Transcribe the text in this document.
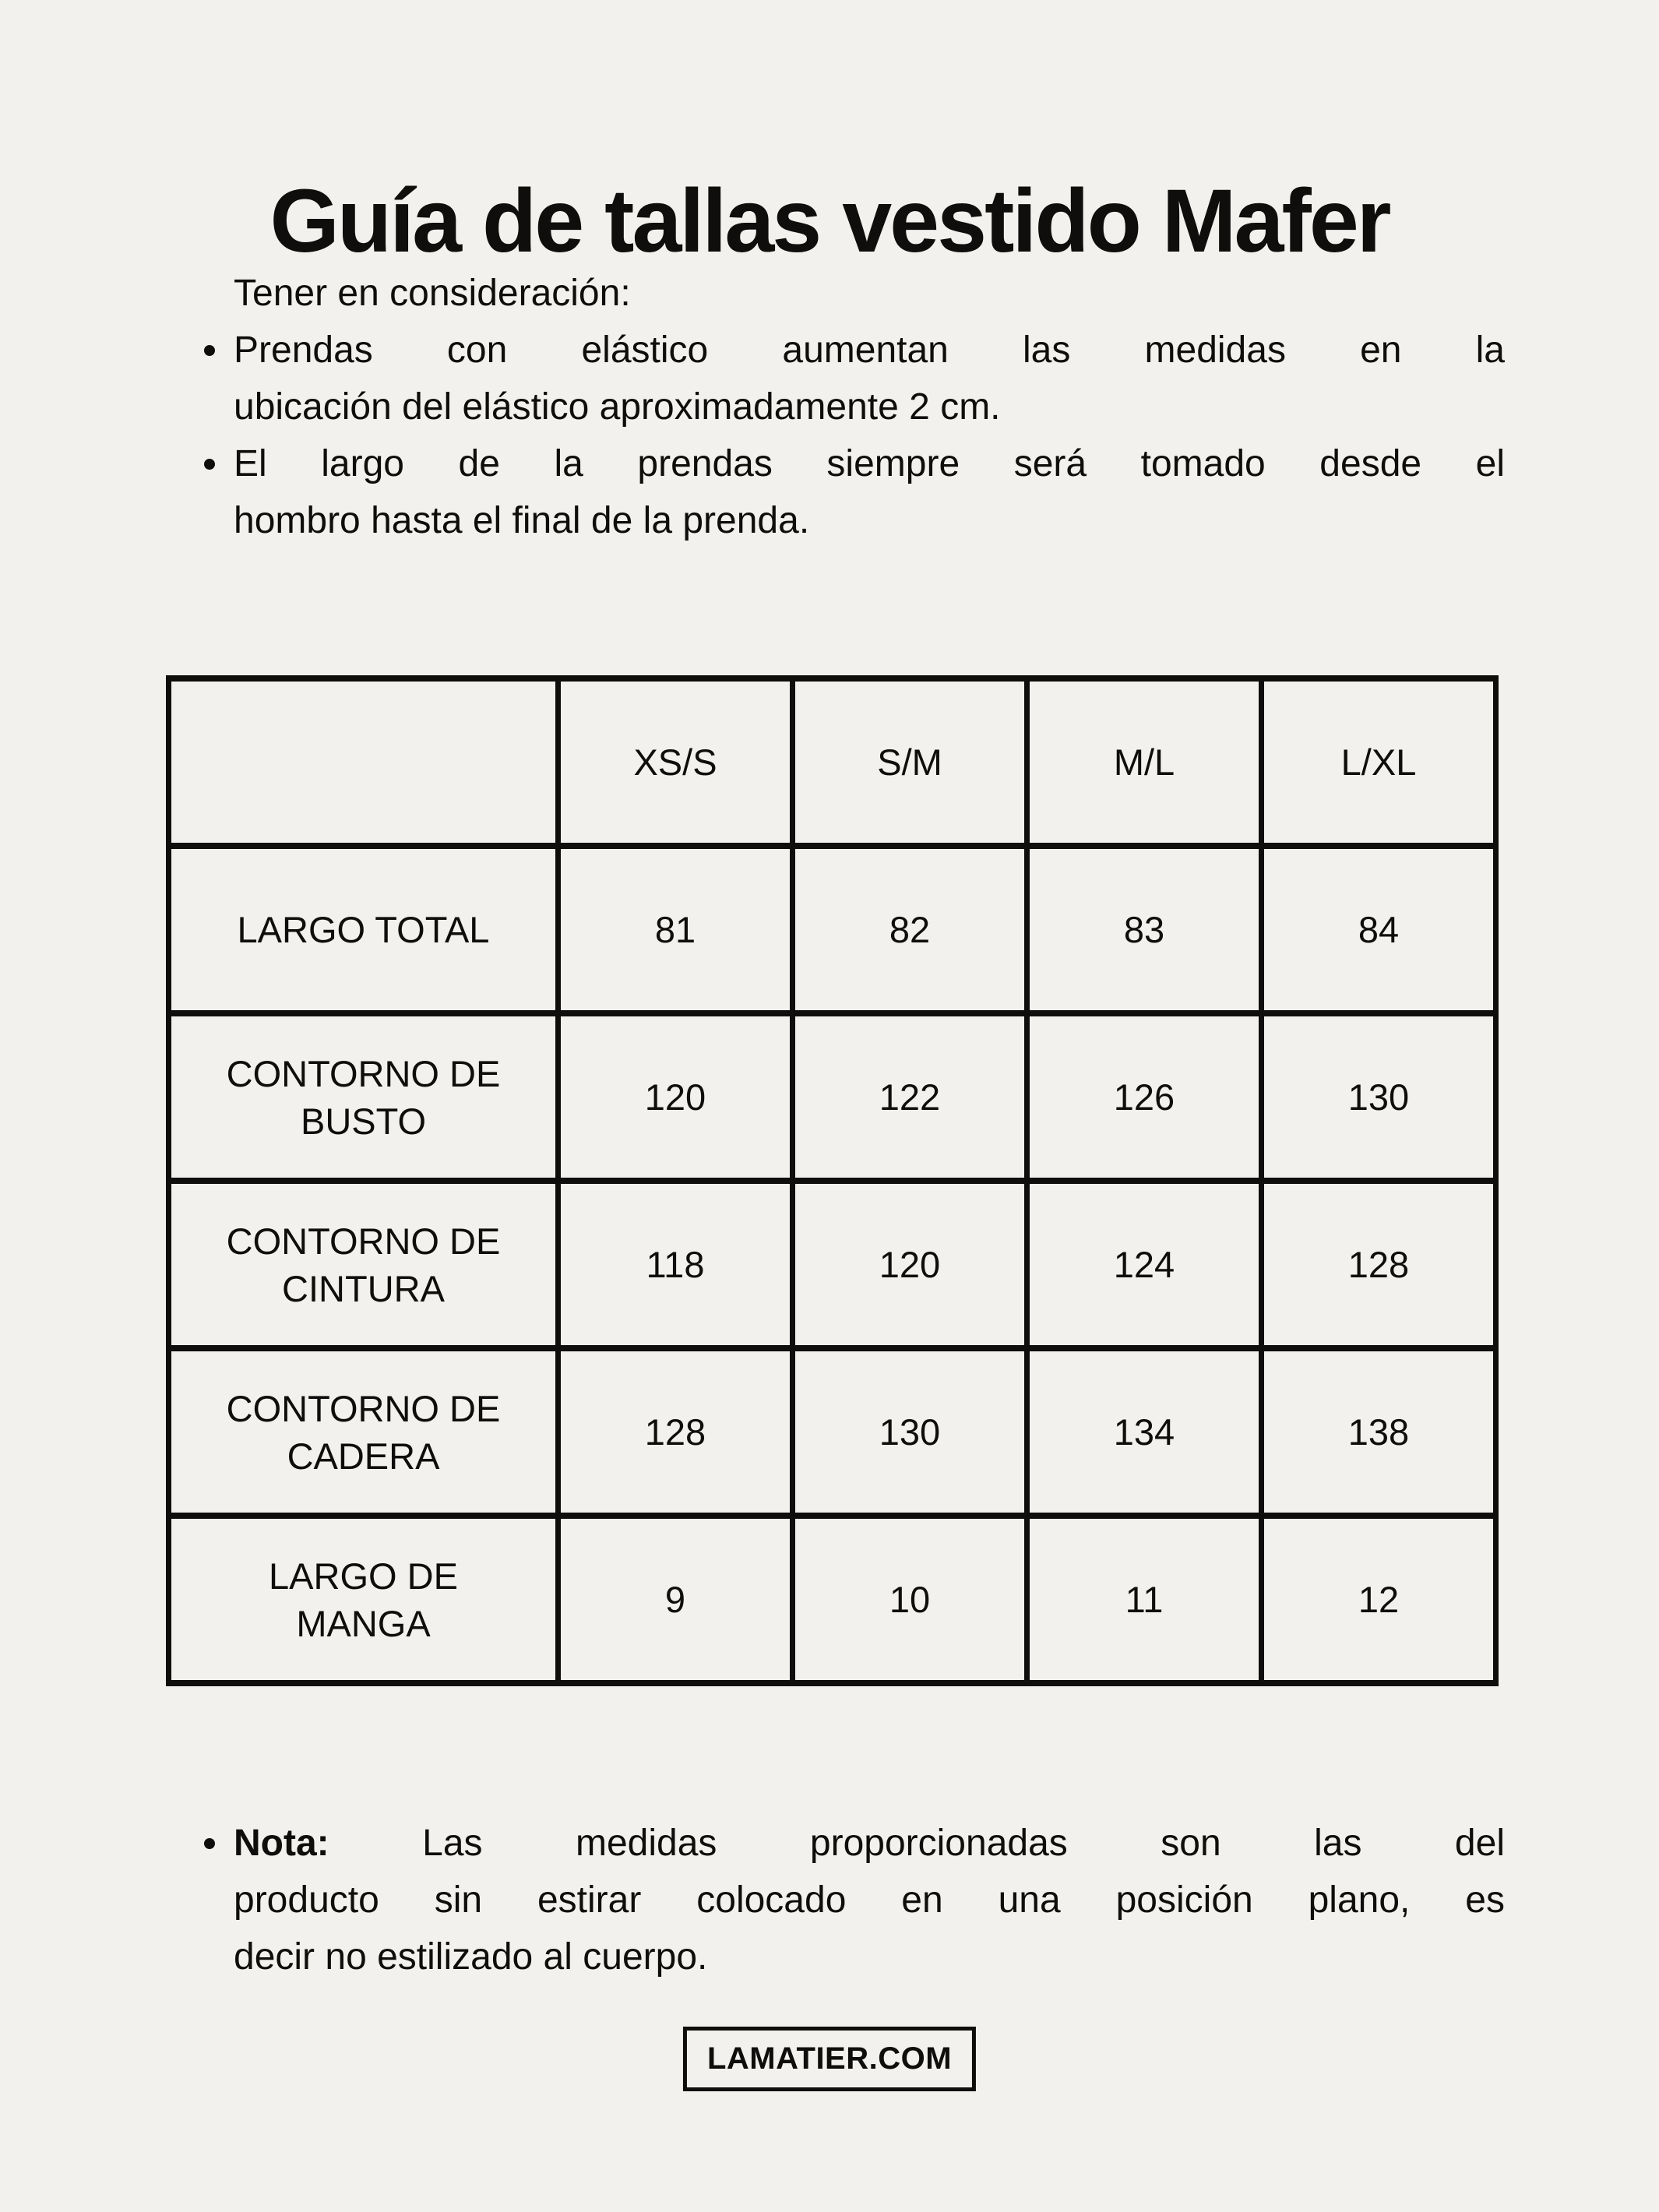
Guía de tallas vestido Mafer
Tener en consideración:
Prendas con elástico aumentan las medidas en la
ubicación del elástico aproximadamente 2 cm.
El largo de la prendas siempre será tomado desde el
hombro hasta el final de la prenda.
	XS/S	S/M	M/L	L/XL

LARGO TOTAL	81	82	83	84

CONTORNO DE
BUSTO	120	122	126	130

CONTORNO DE
CINTURA	118	120	124	128

CONTORNO DE
CADERA	128	130	134	138

LARGO DE
MANGA	9	10	11	12
Nota: Las medidas proporcionadas son las del
producto sin estirar colocado en una posición plano, es
decir no estilizado al cuerpo.
LAMATIER.COM
